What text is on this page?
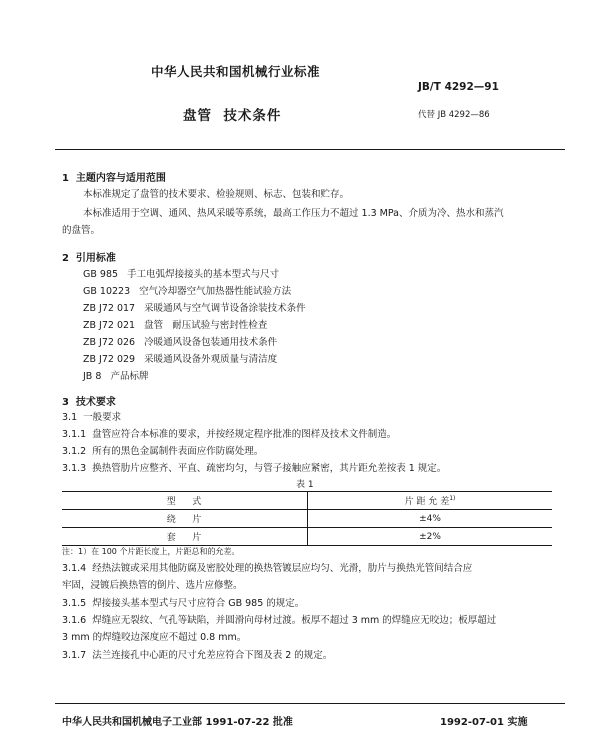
中华人民共和国机械行业标准
JB/T 4292—91
盘管  技术条件	代替 JB 4292—86
1  主题内容与适用范围
本标准规定了盘管的技术要求、检验规则、标志、包装和贮存。
本标准适用于空调、通风、热风采暖等系统，最高工作压力不超过 1.3 MPa、介质为冷、热水和蒸汽
的盘管。
2  引用标准
GB 985   手工电弧焊接接头的基本型式与尺寸
GB 10223   空气冷却器空气加热器性能试验方法
ZB J72 017   采暖通风与空气调节设备涂装技术条件
ZB J72 021   盘管   耐压试验与密封性检查
ZB J72 026   冷暖通风设备包装通用技术条件
ZB J72 029   采暖通风设备外观质量与清洁度
JB 8   产品标牌
3  技术要求
3.1 一般要求
3.1.1 盘管应符合本标准的要求，并按经规定程序批准的图样及技术文件制造。
3.1.2 所有的黑色金属制件表面应作防腐处理。
3.1.3 换热管肋片应整齐、平直、疏密均匀，与管子接触应紧密，其片距允差按表 1 规定。
表 1
型    式	片 距 允 差$^{1)}$
绕    片	±4%
套    片	±2%
注：1）在 100 个片距长度上，片距总和的允差。
3.1.4 经热法镀或采用其他防腐及密胶处理的换热管镀层应均匀、光滑，肋片与换热光管间结合应
牢固，浸镀后换热管的倒片、选片应修整。
3.1.5 焊接接头基本型式与尺寸应符合 GB 985 的规定。
3.1.6 焊缝应无裂纹、气孔等缺陷，并圆滑向母材过渡。板厚不超过 3 mm 的焊缝应无咬边；板厚超过
3 mm 的焊缝咬边深度应不超过 0.8 mm。
3.1.7 法兰连接孔中心距的尺寸允差应符合下图及表 2 的规定。
中华人民共和国机械电子工业部 1991-07-22 批准	1992-07-01 实施
